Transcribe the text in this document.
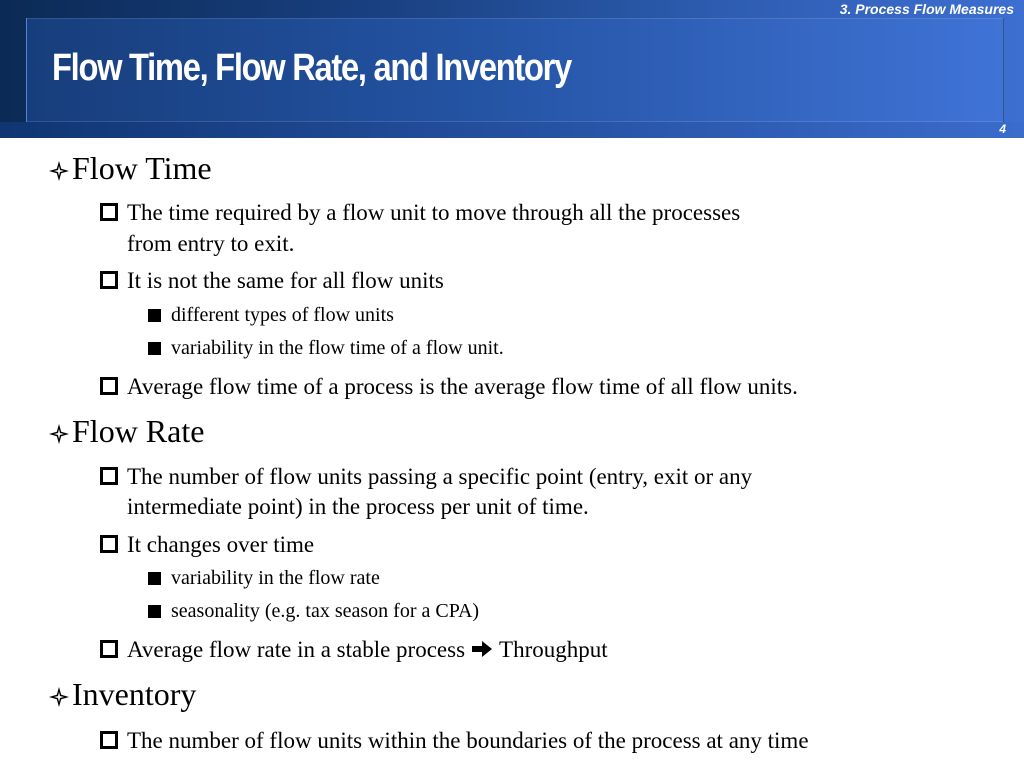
3. Process Flow Measures
Flow Time, Flow Rate, and Inventory
4
Flow Time
The time required by a flow unit to move through all the processes
from entry to exit.
It is not the same for all flow units
different types of flow units
variability in the flow time of a flow unit.
Average flow time of a process is the average flow time of all flow units.
Flow Rate
The number of flow units passing a specific point (entry, exit or any
intermediate point) in the process per unit of time.
It changes over time
variability in the flow rate
seasonality (e.g. tax season for a CPA)
Average flow rate in a stable process Throughput
Inventory
The number of flow units within the boundaries of the process at any time
